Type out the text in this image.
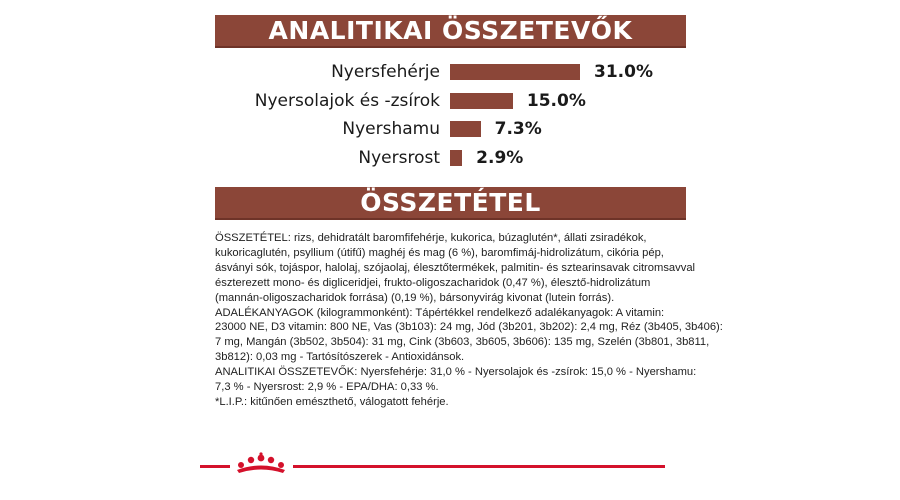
ANALITIKAI ÖSSZETEVŐK
Nyersfehérje	31.0%
Nyersolajok és -zsírok	15.0%
Nyershamu	7.3%
Nyersrost 2.9%
ÖSSZETÉTEL

ÖSSZETÉTEL: rizs, dehidratált baromfifehérje, kukorica, búzaglutén*, állati zsiradékok,

kukoricaglutén, psyllium (útifű) maghéj és mag (6 %), baromfimáj-hidrolizátum, cikória pép,

ásványi sók, tojáspor, halolaj, szójaolaj, élesztőtermékek, palmitin- és sztearinsavak citromsavval

észterezett mono- és digliceridjei, frukto-oligoszacharidok (0,47 %), élesztő-hidrolizátum

(mannán-oligoszacharidok forrása) (0,19 %), bársonyvirág kivonat (lutein forrás).

ADALÉKANYAGOK (kilogrammonként): Tápértékkel rendelkező adalékanyagok: A vitamin:

23000 NE, D3 vitamin: 800 NE, Vas (3b103): 24 mg, Jód (3b201, 3b202): 2,4 mg, Réz (3b405, 3b406):

7 mg, Mangán (3b502, 3b504): 31 mg, Cink (3b603, 3b605, 3b606): 135 mg, Szelén (3b801, 3b811,

3b812): 0,03 mg - Tartósítószerek - Antioxidánsok.

ANALITIKAI ÖSSZETEVŐK: Nyersfehérje: 31,0 % - Nyersolajok és -zsírok: 15,0 % - Nyershamu:

7,3 % - Nyersrost: 2,9 % - EPA/DHA: 0,33 %.

*L.I.P.: kitűnően emészthető, válogatott fehérje.
